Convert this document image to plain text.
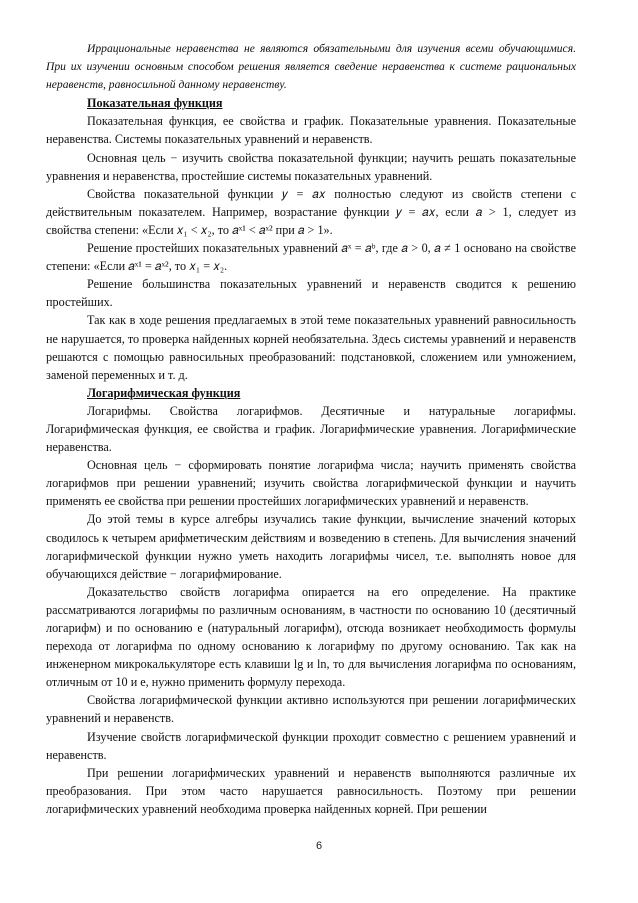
Иррациональные неравенства не являются обязательными для изучения всеми обучающимися. При их изучении основным способом решения является сведение неравенства к системе рациональных неравенств, равносильной данному неравенству.

Показательная функция

Показательная функция, ее свойства и график. Показательные уравнения. Показательные неравенства. Системы показательных уравнений и неравенств.

Основная цель − изучить свойства показательной функции; научить решать показательные уравнения и неравенства, простейшие системы показательных уравнений.

Свойства показательной функции 𝑦 = 𝑎𝑥 полностью следуют из свойств степени с действительным показателем. Например, возрастание функции 𝑦 = 𝑎𝑥, если 𝑎 > 1, следует из свойства степени: «Если 𝑥₁ < 𝑥₂, то 𝑎ˣ¹ < 𝑎ˣ² при 𝑎 > 1».

Решение простейших показательных уравнений 𝑎ˣ = 𝑎ᵇ, где 𝑎 > 0, 𝑎 ≠ 1 основано на свойстве степени: «Если 𝑎ˣ¹ = 𝑎ˣ², то 𝑥₁ = 𝑥₂.

Решение большинства показательных уравнений и неравенств сводится к решению простейших.

Так как в ходе решения предлагаемых в этой теме показательных уравнений равносильность не нарушается, то проверка найденных корней необязательна. Здесь системы уравнений и неравенств решаются с помощью равносильных преобразований: подстановкой, сложением или умножением, заменой переменных и т. д.

Логарифмическая функция

Логарифмы. Свойства логарифмов. Десятичные и натуральные логарифмы. Логарифмическая функция, ее свойства и график. Логарифмические уравнения. Логарифмические неравенства.

Основная цель − сформировать понятие логарифма числа; научить применять свойства логарифмов при решении уравнений; изучить свойства логарифмической функции и научить применять ее свойства при решении простейших логарифмических уравнений и неравенств.

До этой темы в курсе алгебры изучались такие функции, вычисление значений которых сводилось к четырем арифметическим действиям и возведению в степень. Для вычисления значений логарифмической функции нужно уметь находить логарифмы чисел, т.е. выполнять новое для обучающихся действие − логарифмирование.

Доказательство свойств логарифма опирается на его определение. На практике рассматриваются логарифмы по различным основаниям, в частности по основанию 10 (десятичный логарифм) и по основанию e (натуральный логарифм), отсюда возникает необходимость формулы перехода от логарифма по одному основанию к логарифму по другому основанию. Так как на инженерном микрокалькуляторе есть клавиши lg и ln, то для вычисления логарифма по основаниям, отличным от 10 и e, нужно применить формулу перехода.

Свойства логарифмической функции активно используются при решении логарифмических уравнений и неравенств.

Изучение свойств логарифмической функции проходит совместно с решением уравнений и неравенств.

При решении логарифмических уравнений и неравенств выполняются различные их преобразования. При этом часто нарушается равносильность. Поэтому при решении логарифмических уравнений необходима проверка найденных корней. При решении

6
